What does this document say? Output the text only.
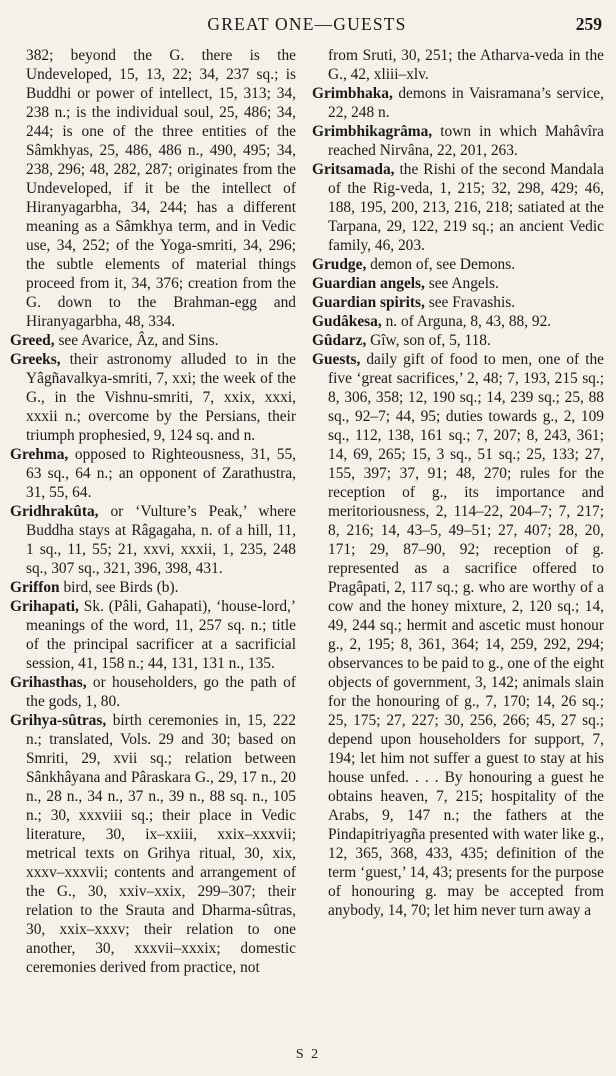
GREAT ONE—GUESTS	259

382; beyond the G. there is the Undeveloped, 15, 13, 22; 34, 237 sq.; is Buddhi or power of intellect, 15, 313; 34, 238 n.; is the individual soul, 25, 486; 34, 244; is one of the three entities of the Sâmkhyas, 25, 486, 486 n., 490, 495; 34, 238, 296; 48, 282, 287; originates from the Undeveloped, if it be the intellect of Hiranyagarbha, 34, 244; has a different meaning as a Sâmkhya term, and in Vedic use, 34, 252; of the Yoga-smriti, 34, 296; the subtle elements of material things proceed from it, 34, 376; creation from the G. down to the Brahman-egg and Hiranyagarbha, 48, 334.

Greed, see Avarice, Âz, and Sins.

Greeks, their astronomy alluded to in the Yâgñavalkya-smriti, 7, xxi; the week of the G., in the Vishnu-smriti, 7, xxix, xxxi, xxxii n.; overcome by the Persians, their triumph prophesied, 9, 124 sq. and n.

Grehma, opposed to Righteousness, 31, 55, 63 sq., 64 n.; an opponent of Zarathustra, 31, 55, 64.

Gridhrakûta, or ‘Vulture’s Peak,’ where Buddha stays at Râgagaha, n. of a hill, 11, 1 sq., 11, 55; 21, xxvi, xxxii, 1, 235, 248 sq., 307 sq., 321, 396, 398, 431.

Griffon bird, see Birds (b).

Grihapati, Sk. (Pâli, Gahapati), ‘house-lord,’ meanings of the word, 11, 257 sq. n.; title of the principal sacrificer at a sacrificial session, 41, 158 n.; 44, 131, 131 n., 135.

Grihasthas, or householders, go the path of the gods, 1, 80.

Grihya-sûtras, birth ceremonies in, 15, 222 n.; translated, Vols. 29 and 30; based on Smriti, 29, xvii sq.; relation between Sânkhâyana and Pâraskara G., 29, 17 n., 20 n., 28 n., 34 n., 37 n., 39 n., 88 sq. n., 105 n.; 30, xxxviii sq.; their place in Vedic literature, 30, ix–xxiii, xxix–xxxvii; metrical texts on Grihya ritual, 30, xix, xxxv–xxxvii; contents and arrangement of the G., 30, xxiv–xxix, 299–307; their relation to the Srauta and Dharma-sûtras, 30, xxix–xxxv; their relation to one another, 30, xxxvii–xxxix; domestic ceremonies derived from practice, not

from Sruti, 30, 251; the Atharva-veda in the G., 42, xliii–xlv.

Grimbhaka, demons in Vaisramana’s service, 22, 248 n.

Grimbhikagrâma, town in which Mahâvîra reached Nirvâna, 22, 201, 263.

Gritsamada, the Rishi of the second Mandala of the Rig-veda, 1, 215; 32, 298, 429; 46, 188, 195, 200, 213, 216, 218; satiated at the Tarpana, 29, 122, 219 sq.; an ancient Vedic family, 46, 203.

Grudge, demon of, see Demons.

Guardian angels, see Angels.

Guardian spirits, see Fravashis.

Gudâkesa, n. of Arguna, 8, 43, 88, 92.

Gûdarz, Gîw, son of, 5, 118.

Guests, daily gift of food to men, one of the five ‘great sacrifices,’ 2, 48; 7, 193, 215 sq.; 8, 306, 358; 12, 190 sq.; 14, 239 sq.; 25, 88 sq., 92–7; 44, 95; duties towards g., 2, 109 sq., 112, 138, 161 sq.; 7, 207; 8, 243, 361; 14, 69, 265; 15, 3 sq., 51 sq.; 25, 133; 27, 155, 397; 37, 91; 48, 270; rules for the reception of g., its importance and meritoriousness, 2, 114–22, 204–7; 7, 217; 8, 216; 14, 43–5, 49–51; 27, 407; 28, 20, 171; 29, 87–90, 92; reception of g. represented as a sacrifice offered to Pragâpati, 2, 117 sq.; g. who are worthy of a cow and the honey mixture, 2, 120 sq.; 14, 49, 244 sq.; hermit and ascetic must honour g., 2, 195; 8, 361, 364; 14, 259, 292, 294; observances to be paid to g., one of the eight objects of government, 3, 142; animals slain for the honouring of g., 7, 170; 14, 26 sq.; 25, 175; 27, 227; 30, 256, 266; 45, 27 sq.; depend upon householders for support, 7, 194; let him not suffer a guest to stay at his house unfed. . . . By honouring a guest he obtains heaven, 7, 215; hospitality of the Arabs, 9, 147 n.; the fathers at the Pindapitriyagña presented with water like g., 12, 365, 368, 433, 435; definition of the term ‘guest,’ 14, 43; presents for the purpose of honouring g. may be accepted from anybody, 14, 70; let him never turn away a

S 2
